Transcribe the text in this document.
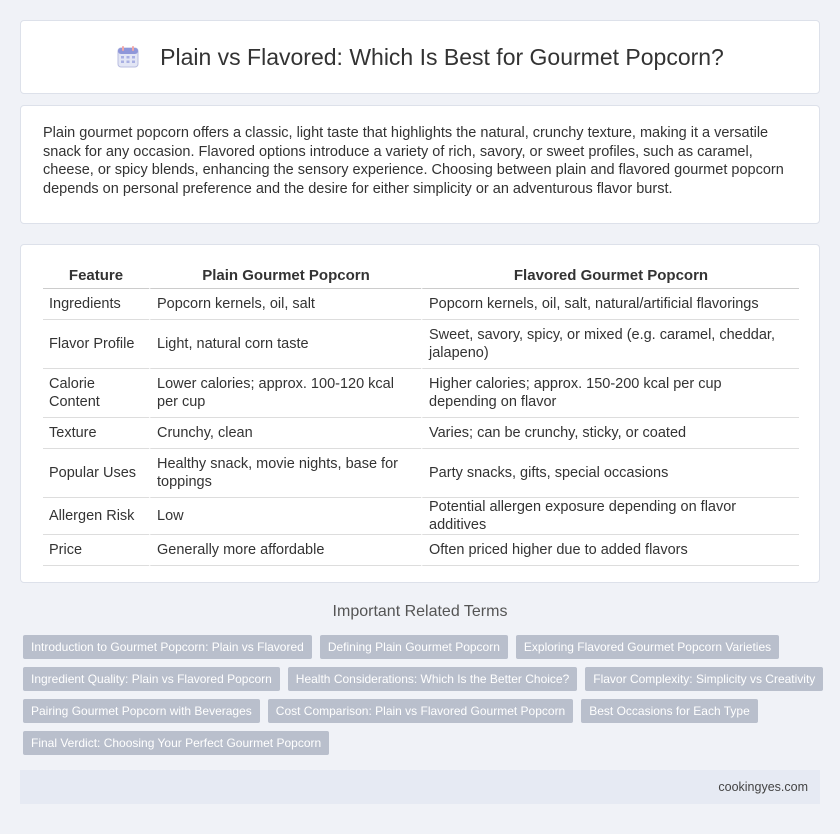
Plain vs Flavored: Which Is Best for Gourmet Popcorn?

Plain gourmet popcorn offers a classic, light taste that highlights the natural, crunchy texture, making it a versatile snack for any occasion. Flavored options introduce a variety of rich, savory, or sweet profiles, such as caramel, cheese, or spicy blends, enhancing the sensory experience. Choosing between plain and flavored gourmet popcorn depends on personal preference and the desire for either simplicity or an adventurous flavor burst.

Feature	Plain Gourmet Popcorn	Flavored Gourmet Popcorn
Ingredients	Popcorn kernels, oil, salt	Popcorn kernels, oil, salt, natural/artificial flavorings
Flavor Profile	Light, natural corn taste	Sweet, savory, spicy, or mixed (e.g. caramel, cheddar, jalapeno)
Calorie Content	Lower calories; approx. 100-120 kcal per cup	Higher calories; approx. 150-200 kcal per cup depending on flavor
Texture	Crunchy, clean	Varies; can be crunchy, sticky, or coated
Popular Uses	Healthy snack, movie nights, base for toppings	Party snacks, gifts, special occasions
Allergen Risk	Low	Potential allergen exposure depending on flavor additives
Price	Generally more affordable	Often priced higher due to added flavors
Important Related Terms
Introduction to Gourmet Popcorn: Plain vs Flavored	Defining Plain Gourmet Popcorn	Exploring Flavored Gourmet Popcorn Varieties
Ingredient Quality: Plain vs Flavored Popcorn	Health Considerations: Which Is the Better Choice?	Flavor Complexity: Simplicity vs Creativity
Pairing Gourmet Popcorn with Beverages	Cost Comparison: Plain vs Flavored Gourmet Popcorn	Best Occasions for Each Type
Final Verdict: Choosing Your Perfect Gourmet Popcorn
cookingyes.com
